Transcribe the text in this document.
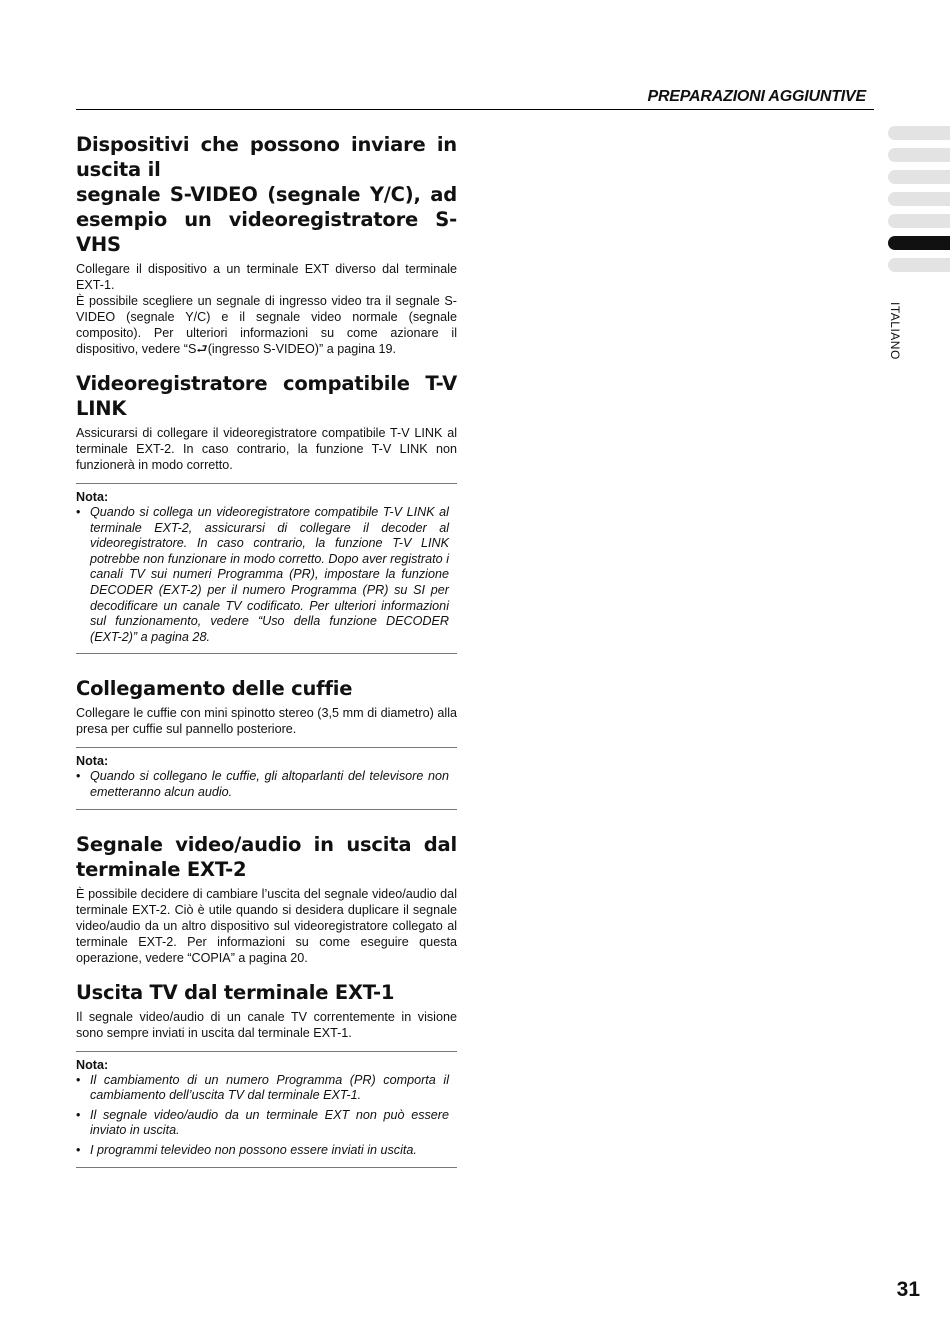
PREPARAZIONI AGGIUNTIVE
ITALIANO
Dispositivi che possono inviare in
uscita il
segnale S-VIDEO (segnale Y/C), ad
esempio un videoregistratore S-VHS

Collegare il dispositivo a un terminale EXT diverso dal terminale EXT-1.

È possibile scegliere un segnale di ingresso video tra il segnale S-VIDEO (segnale Y/C) e il segnale video normale (segnale composito). Per ulteriori informazioni su come azionare il dispositivo, vedere “S⮐(ingresso S-VIDEO)” a pagina 19.

Videoregistratore compatibile T-V
LINK

Assicurarsi di collegare il videoregistratore compatibile T-V LINK al terminale EXT-2. In caso contrario, la funzione T-V LINK non funzionerà in modo corretto.

Nota:
• Quando si collega un videoregistratore compatibile T-V LINK al terminale EXT-2, assicurarsi di collegare il decoder al videoregistratore. In caso contrario, la funzione T-V LINK potrebbe non funzionare in modo corretto. Dopo aver registrato i canali TV sui numeri Programma (PR), impostare la funzione DECODER (EXT-2) per il numero Programma (PR) su SI per decodificare un canale TV codificato. Per ulteriori informazioni sul funzionamento, vedere “Uso della funzione DECODER (EXT-2)” a pagina 28.
Collegamento delle cuffie

Collegare le cuffie con mini spinotto stereo (3,5 mm di diametro) alla presa per cuffie sul pannello posteriore.

Nota:
• Quando si collegano le cuffie, gli altoparlanti del televisore non emetteranno alcun audio.
Segnale video/audio in uscita dal
terminale EXT-2

È possibile decidere di cambiare l’uscita del segnale video/audio dal terminale EXT-2. Ciò è utile quando si desidera duplicare il segnale video/audio da un altro dispositivo sul videoregistratore collegato al terminale EXT-2. Per informazioni su come eseguire questa operazione, vedere “COPIA” a pagina 20.

Uscita TV dal terminale EXT-1

Il segnale video/audio di un canale TV correntemente in visione sono sempre inviati in uscita dal terminale EXT-1.

Nota:
• Il cambiamento di un numero Programma (PR) comporta il cambiamento dell’uscita TV dal terminale EXT-1.
• Il segnale video/audio da un terminale EXT non può essere inviato in uscita.
• I programmi televideo non possono essere inviati in uscita.
31
